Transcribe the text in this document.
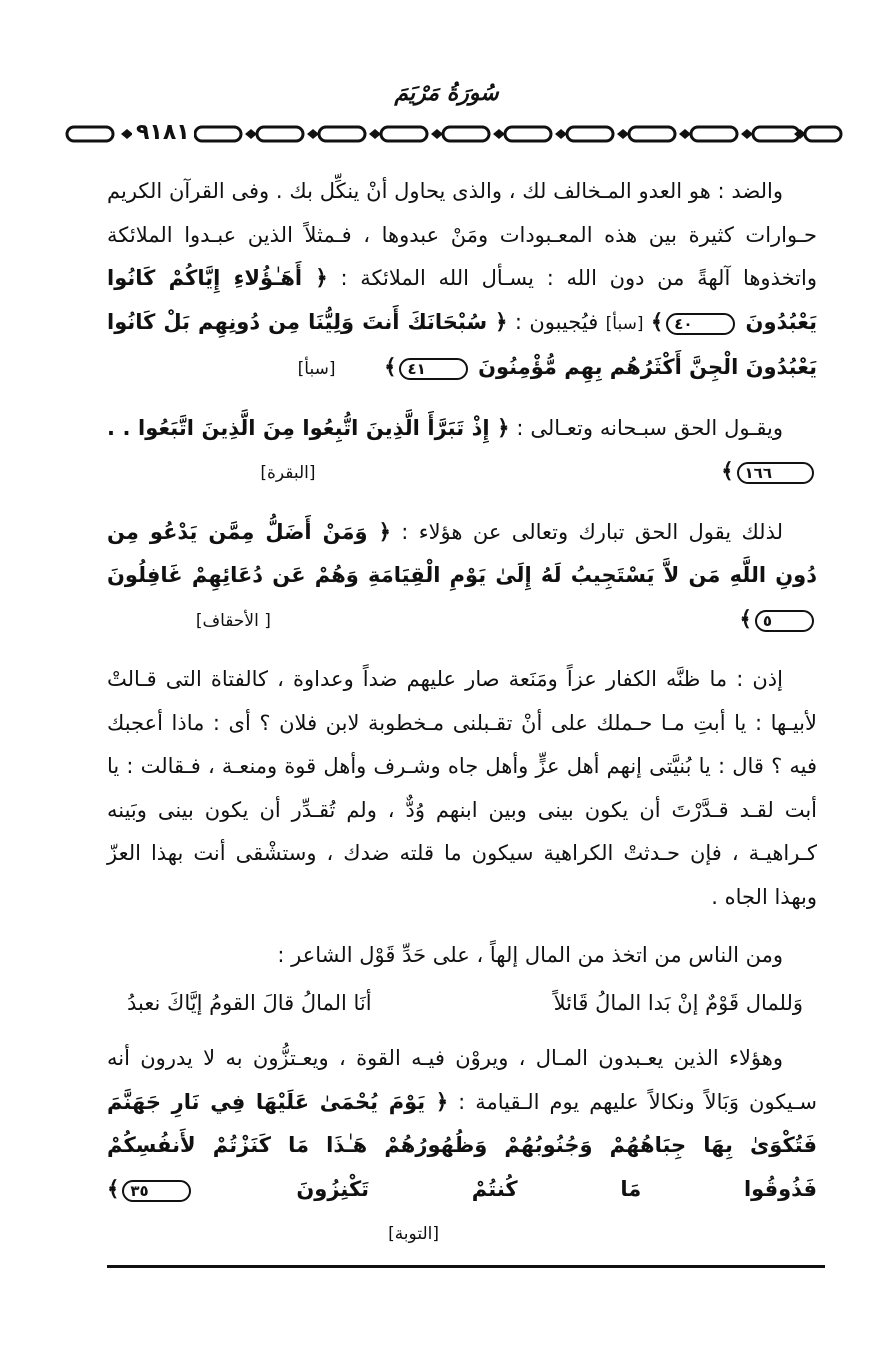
سُورَةُ مَرْيَمَ
٩١٨١

والضد : هو العدو المـخالف لك ، والذى يحاول أنْ ينكِّل بك . وفى القرآن الكريم حـوارات كثيرة بين هذه المعـبودات ومَنْ عبدوها ، فـمثلاً الذين عبـدوا الملائكة واتخذوها آلهةً من دون الله : يسـأل الله الملائكة : ﴿ أَهَـٰؤُلاءِ إِيَّاكُمْ كَانُوا يَعْبُدُونَ ٤٠﴾ [سبأ] فيُجيبون : ﴿ سُبْحَانَكَ أَنتَ وَلِيُّنَا مِن دُونِهِم بَلْ كَانُوا يَعْبُدُونَ الْجِنَّ أَكْثَرُهُم بِهِم مُّؤْمِنُونَ ٤١﴾   [سبأ]

ويقـول الحق سبـحانه وتعـالى : ﴿ إِذْ تَبَرَّأَ الَّذِينَ اتُّبِعُوا مِنَ الَّذِينَ اتَّبَعُوا . . ١٦٦﴾                    [البقرة]

لذلك يقول الحق تبارك وتعالى عن هؤلاء : ﴿ وَمَنْ أَضَلُّ مِمَّن يَدْعُو مِن دُونِ اللَّهِ مَن لاَّ يَسْتَجِيبُ لَهُ إِلَىٰ يَوْمِ الْقِيَامَةِ وَهُمْ عَن دُعَائِهِمْ غَافِلُونَ٥﴾                       [ الأحقاف]

إذن : ما ظنَّه الكفار عزاً ومَنَعة صار عليهم ضداً وعداوة ، كالفتاة التى قـالتْ لأبيـها : يا أبتِ مـا حـملك على أنْ تقـبلنى مـخطوبة لابن فلان ؟ أى : ماذا أعجبك فيه ؟ قال : يا بُنيَّتى إنهم أهل عزٍّ وأهل جاه وشـرف وأهل قوة ومنعـة ، فـقالت : يا أبت لقـد قـدَّرْتَ أن يكون بينى وبين ابنهم وُدٌّ ، ولم تُقـدِّر أن يكون بينى وبَينه كـراهيـة ، فإن حـدثتْ الكراهية سيكون ما قلته ضدك ، وستشْقى أنت بهذا العزّ وبهذا الجاه .

ومن الناس من اتخذ من المال إلهاً ، على حَدِّ قَوْل الشاعر :

وَللمال قَوْمٌ إنْ بَدا المالُ قَائلاً
أنَا المالُ قالَ القومُ إيَّاكَ نعبدُ

وهؤلاء الذين يعـبدون المـال ، ويروْن فيـه القوة ، ويعـتزُّون به لا يدرون أنه سـيكون وَبَالاً ونكالاً عليهم يوم الـقيامة : ﴿ يَوْمَ يُحْمَىٰ عَلَيْهَا فِي نَارِ جَهَنَّمَ فَتُكْوَىٰ بِهَا جِبَاهُهُمْ وَجُنُوبُهُمْ وَظُهُورُهُمْ هَـٰذَا مَا كَنَزْتُمْ لأَنفُسِكُمْ فَذُوقُوا مَا كُنتُمْ تَكْنِزُونَ ٣٥﴾                   [التوبة]
